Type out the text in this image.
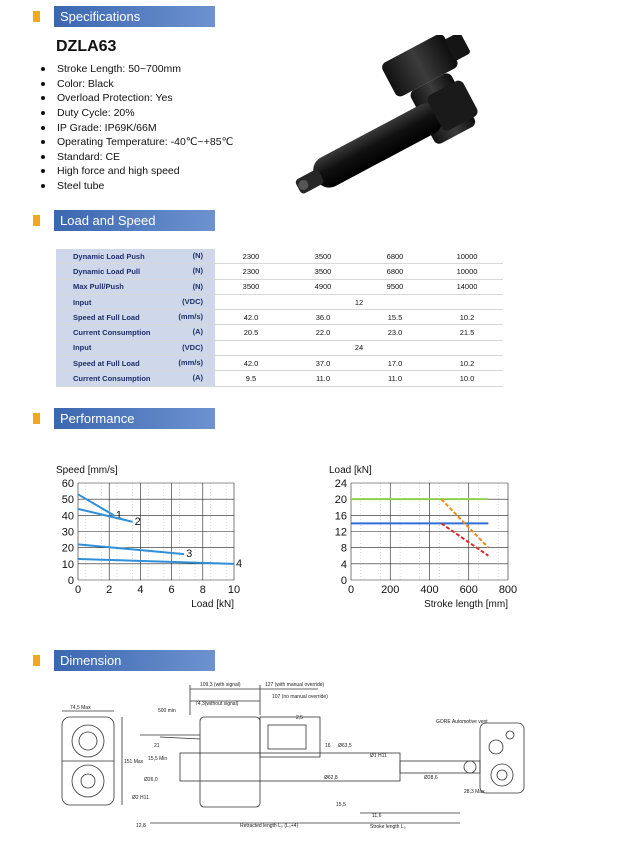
Specifications
DZLA63
Stroke Length: 50~700mm
Color: Black
Overload Protection: Yes
Duty Cycle: 20%
IP Grade: IP69K/66M
Operating Temperature: -40℃~+85℃
Standard: CE
High force and high speed
Steel tube
Load and Speed
Dynamic Load Push (N)	2300	3500	6800	10000
Dynamic Load Pull (N)	2300	3500	6800	10000
Max Pull/Push (N)	3500	4900	9500	14000
Input (VDC)	12			
Speed at Full Load (mm/s)	42.0	36.0	15.5	10.2
Current Consumption (A)	20.5	22.0	23.0	21.5
Input (VDC)	24			
Speed at Full Load (mm/s)	42.0	37.0	17.0	10.2
Current Consumption (A)	9.5	11.0	11.0	10.0
Performance
0 2 4 6 8 10
0
10
20
30
40
50
60
Speed [mm/s]
Load [kN]
1
2
3
4
0 200 400 600 800
0
4
8
12
16
20
24
Load [kN]
Stroke length [mm]
Dimension
74,5 Max
151 Max
109,3 (with signal)	127 (with manual override)
107 (no manual override)
74,3(without signal)
500 min
2,5
16 Ø63,5
21
15,5 Min
Ø26,0
Ø2 H11
Ø1 H11
Ø62,8	Ø28,6
28,3 Max
15,5
11,6
12,8	Retracted length L₀ (L₀+4)	Stroke length L₀
GORE Automotive vent
